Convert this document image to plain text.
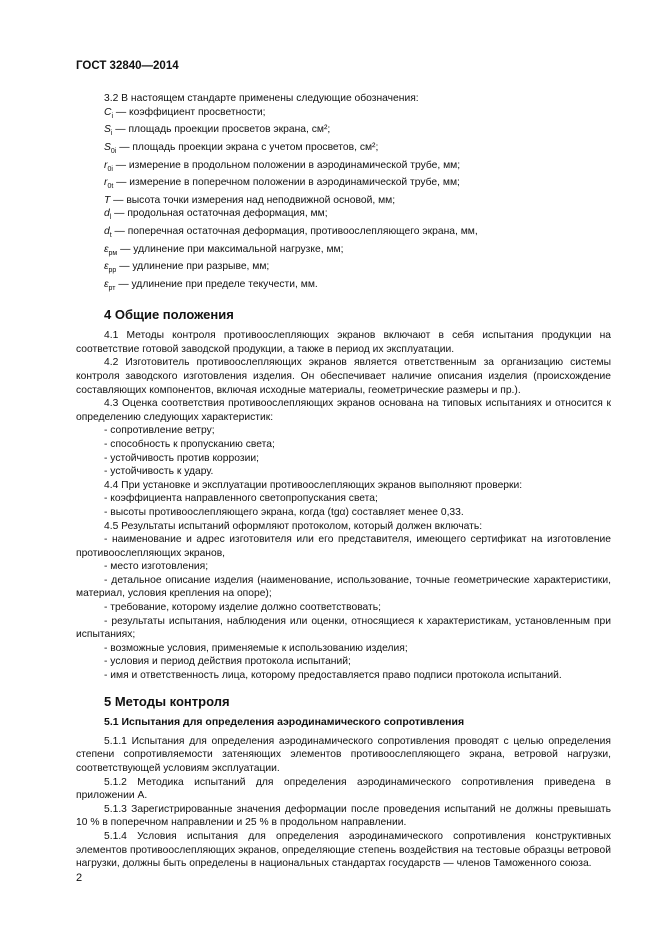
ГОСТ 32840—2014

3.2 В настоящем стандарте применены следующие обозначения:

$C_i$ — коэффициент просветности;

$S_i$ — площадь проекции просветов экрана, см²;

$S_{0i}$ — площадь проекции экрана с учетом просветов, см²;

$r_{0i}$ — измерение в продольном положении в аэродинамической трубе, мм;

$r_{0t}$ — измерение в поперечном положении в аэродинамической трубе, мм;

T — высота точки измерения над неподвижной основой, мм;

$d_l$ — продольная остаточная деформация, мм;

$d_t$ — поперечная остаточная деформация, противоослепляющего экрана, мм,

$\varepsilon_{рм}$ — удлинение при максимальной нагрузке, мм;

$\varepsilon_{рр}$ — удлинение при разрыве, мм;

$\varepsilon_{рт}$ — удлинение при пределе текучести, мм.

4 Общие положения

4.1 Методы контроля противоослепляющих экранов включают в себя испытания продукции на соответствие готовой заводской продукции, а также в период их эксплуатации.

4.2 Изготовитель противоослепляющих экранов является ответственным за организацию системы контроля заводского изготовления изделия. Он обеспечивает наличие описания изделия (происхождение составляющих компонентов, включая исходные материалы, геометрические размеры и пр.).

4.3 Оценка соответствия противоослепляющих экранов основана на типовых испытаниях и относится к определению следующих характеристик:

- сопротивление ветру;

- способность к пропусканию света;

- устойчивость против коррозии;

- устойчивость к удару.

4.4 При установке и эксплуатации противоослепляющих экранов выполняют проверки:

- коэффициента направленного светопропускания света;

- высоты противоослепляющего экрана, когда (tgα) составляет менее 0,33.

4.5 Результаты испытаний оформляют протоколом, который должен включать:

- наименование и адрес изготовителя или его представителя, имеющего сертификат на изготовление противоослепляющих экранов,

- место изготовления;

- детальное описание изделия (наименование, использование, точные геометрические характеристики, материал, условия крепления на опоре);

- требование, которому изделие должно соответствовать;

- результаты испытания, наблюдения или оценки, относящиеся к характеристикам, установленным при испытаниях;

- возможные условия, применяемые к использованию изделия;

- условия и период действия протокола испытаний;

- имя и ответственность лица, которому предоставляется право подписи протокола испытаний.

5 Методы контроля
5.1 Испытания для определения аэродинамического сопротивления

5.1.1 Испытания для определения аэродинамического сопротивления проводят с целью определения степени сопротивляемости затеняющих элементов противоослепляющего экрана, ветровой нагрузки, соответствующей условиям эксплуатации.

5.1.2 Методика испытаний для определения аэродинамического сопротивления приведена в приложении А.

5.1.3 Зарегистрированные значения деформации после проведения испытаний не должны превышать 10 % в поперечном направлении и 25 % в продольном направлении.

5.1.4 Условия испытания для определения аэродинамического сопротивления конструктивных элементов противоослепляющих экранов, определяющие степень воздействия на тестовые образцы ветровой нагрузки, должны быть определены в национальных стандартах государств — членов Таможенного союза.

2
